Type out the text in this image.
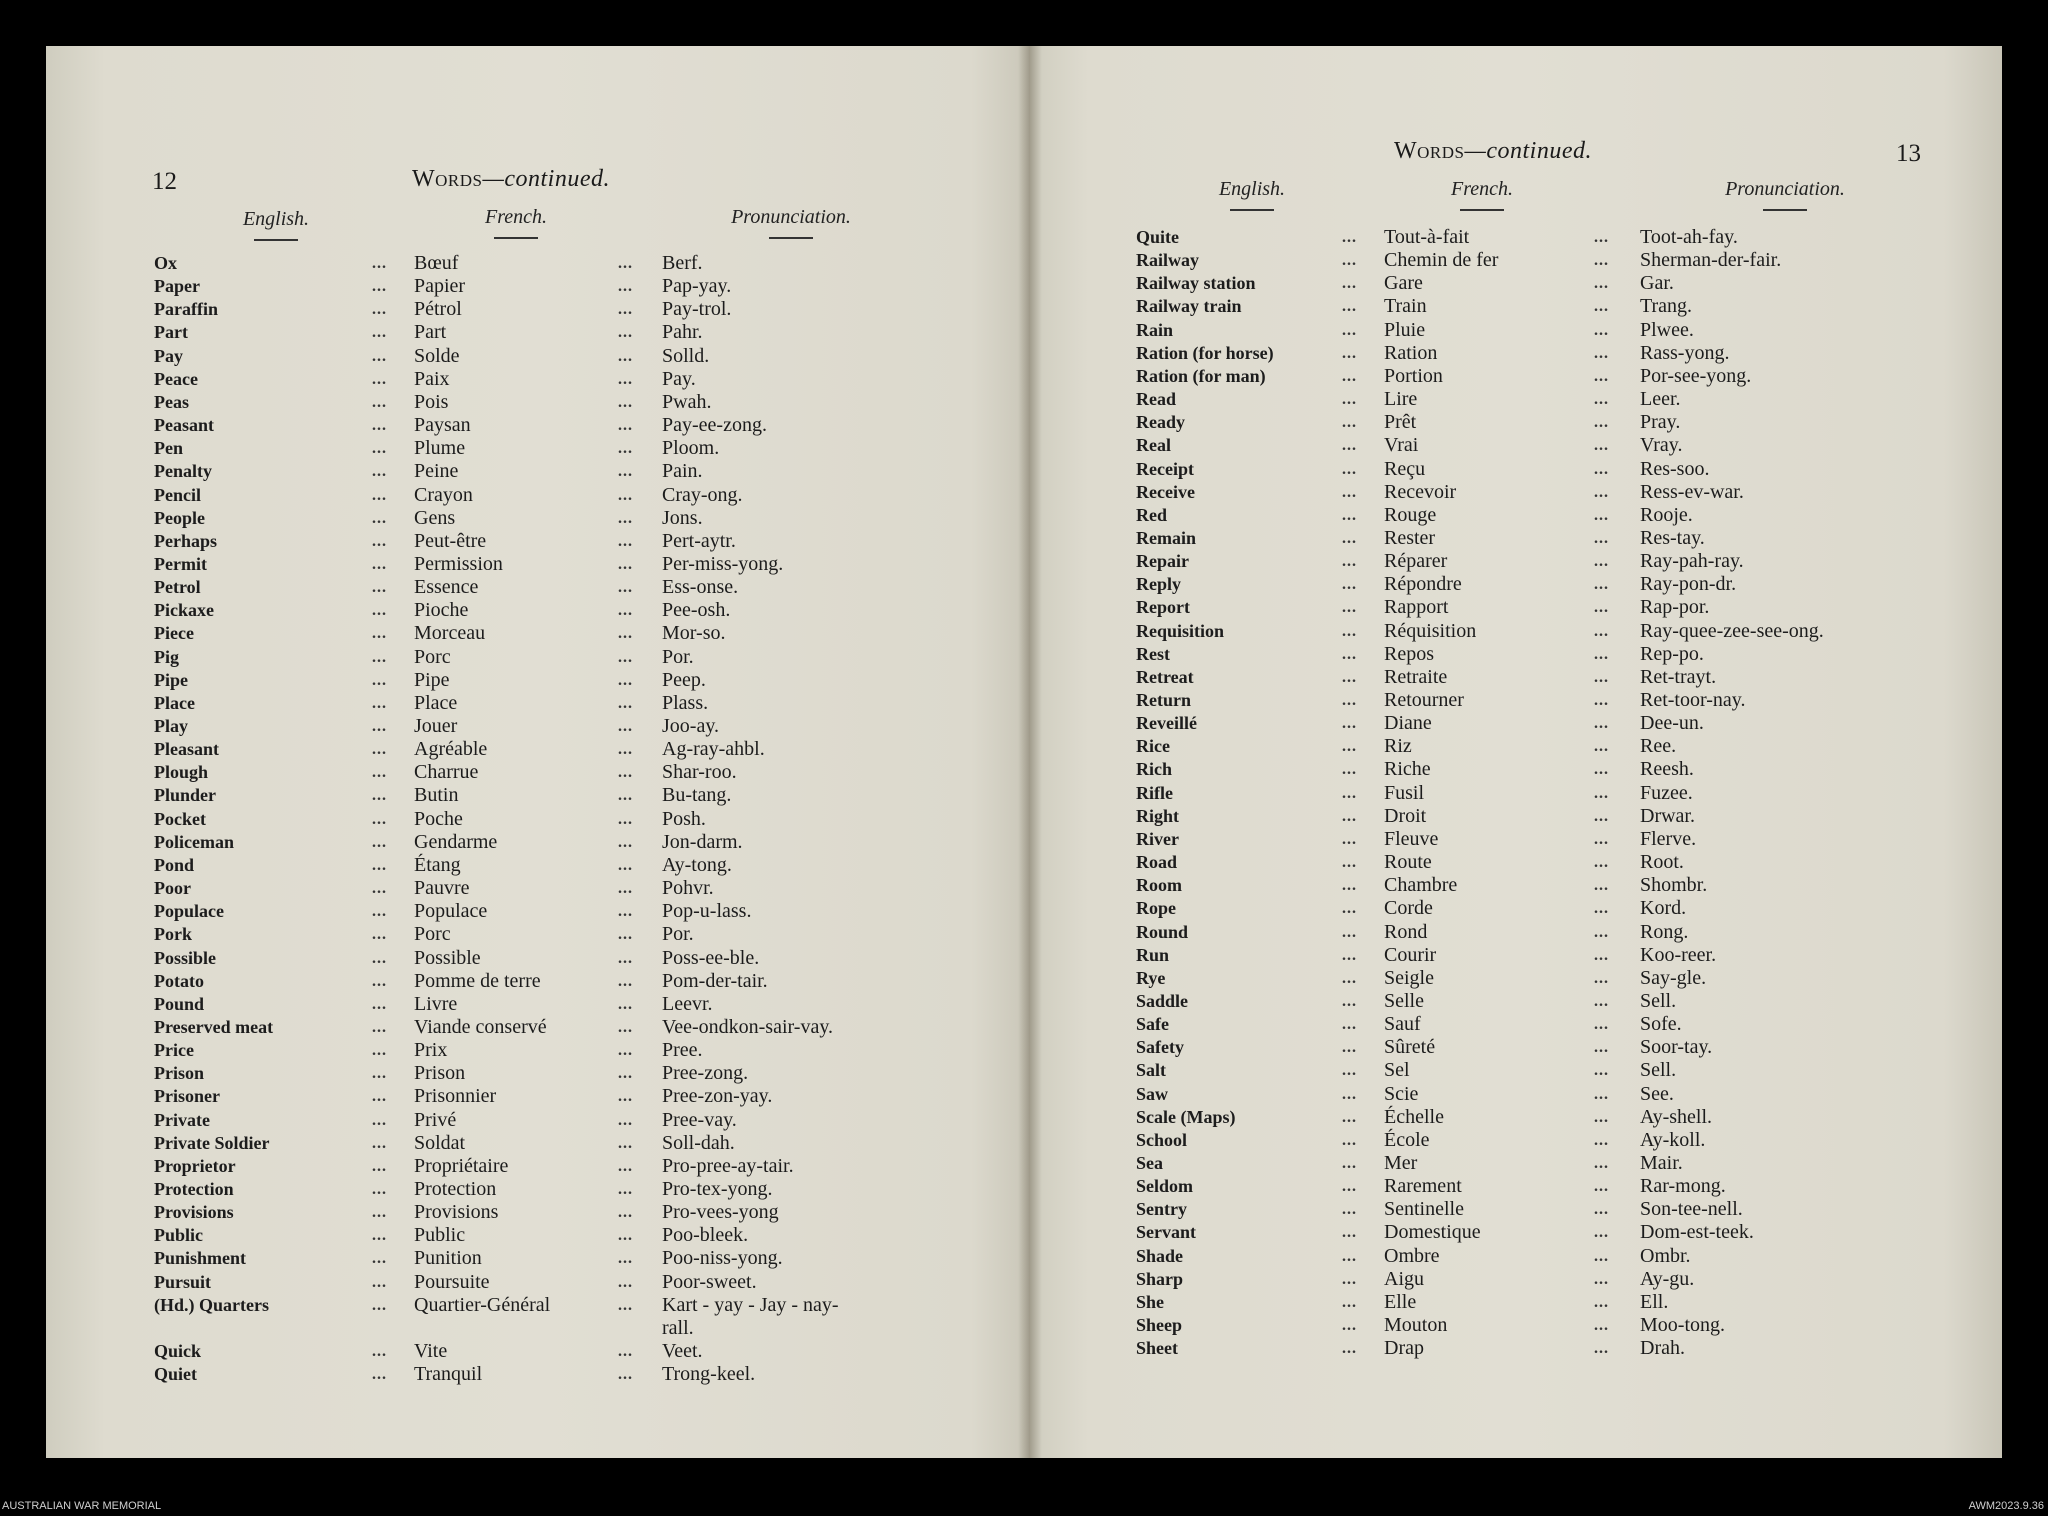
12	Words—continued.
English.	French.	Pronunciation.
Ox	... Bœuf	... Berf.
Paper	... Papier	... Pap-yay.
Paraffin	... Pétrol	... Pay-trol.
Part	... Part	... Pahr.
Pay	... Solde	... Solld.
Peace	... Paix	... Pay.
Peas	... Pois	... Pwah.
Peasant	... Paysan	... Pay-ee-zong.
Pen	... Plume	... Ploom.
Penalty	... Peine	... Pain.
Pencil	... Crayon	... Cray-ong.
People	... Gens	... Jons.
Perhaps	... Peut-être	... Pert-aytr.
Permit	... Permission	... Per-miss-yong.
Petrol	... Essence	... Ess-onse.
Pickaxe	... Pioche	... Pee-osh.
Piece	... Morceau	... Mor-so.
Pig	... Porc	... Por.
Pipe	... Pipe	... Peep.
Place	... Place	... Plass.
Play	... Jouer	... Joo-ay.
Pleasant	... Agréable	... Ag-ray-ahbl.
Plough	... Charrue	... Shar-roo.
Plunder	... Butin	... Bu-tang.
Pocket	... Poche	... Posh.
Policeman	... Gendarme	... Jon-darm.
Pond	... Étang	... Ay-tong.
Poor	... Pauvre	... Pohvr.
Populace	... Populace	... Pop-u-lass.
Pork	... Porc	... Por.
Possible	... Possible	... Poss-ee-ble.
Potato	... Pomme de terre	... Pom-der-tair.
Pound	... Livre	... Leevr.
Preserved meat	... Viande conservé	... Vee-ondkon-sair-vay.
Price	... Prix	... Pree.
Prison	... Prison	... Pree-zong.
Prisoner	... Prisonnier	... Pree-zon-yay.
Private	... Privé	... Pree-vay.
Private Soldier	... Soldat	... Soll-dah.
Proprietor	... Propriétaire	... Pro-pree-ay-tair.
Protection	... Protection	... Pro-tex-yong.
Provisions	... Provisions	... Pro-vees-yong
Public	... Public	... Poo-bleek.
Punishment	... Punition	... Poo-niss-yong.
Pursuit	... Poursuite	... Poor-sweet.
(Hd.) Quarters	... Quartier-Général	... Kart - yay - Jay - nay-
rall.
Quick	... Vite	... Veet.
Quiet	... Tranquil	... Trong-keel.
Words—continued.	13
English.	French.	Pronunciation.
Quite	... Tout-à-fait	... Toot-ah-fay.
Railway	... Chemin de fer	... Sherman-der-fair.
Railway station	... Gare	... Gar.
Railway train	... Train	... Trang.
Rain	... Pluie	... Plwee.
Ration (for horse)	... Ration	... Rass-yong.
Ration (for man)	... Portion	... Por-see-yong.
Read	... Lire	... Leer.
Ready	... Prêt	... Pray.
Real	... Vrai	... Vray.
Receipt	... Reçu	... Res-soo.
Receive	... Recevoir	... Ress-ev-war.
Red	... Rouge	... Rooje.
Remain	... Rester	... Res-tay.
Repair	... Réparer	... Ray-pah-ray.
Reply	... Répondre	... Ray-pon-dr.
Report	... Rapport	... Rap-por.
Requisition	... Réquisition	... Ray-quee-zee-see-ong.
Rest	... Repos	... Rep-po.
Retreat	... Retraite	... Ret-trayt.
Return	... Retourner	... Ret-toor-nay.
Reveillé	... Diane	... Dee-un.
Rice	... Riz	... Ree.
Rich	... Riche	... Reesh.
Rifle	... Fusil	... Fuzee.
Right	... Droit	... Drwar.
River	... Fleuve	... Flerve.
Road	... Route	... Root.
Room	... Chambre	... Shombr.
Rope	... Corde	... Kord.
Round	... Rond	... Rong.
Run	... Courir	... Koo-reer.
Rye	... Seigle	... Say-gle.
Saddle	... Selle	... Sell.
Safe	... Sauf	... Sofe.
Safety	... Sûreté	... Soor-tay.
Salt	... Sel	... Sell.
Saw	... Scie	... See.
Scale (Maps)	... Échelle	... Ay-shell.
School	... École	... Ay-koll.
Sea	... Mer	... Mair.
Seldom	... Rarement	... Rar-mong.
Sentry	... Sentinelle	... Son-tee-nell.
Servant	... Domestique	... Dom-est-teek.
Shade	... Ombre	... Ombr.
Sharp	... Aigu	... Ay-gu.
She	... Elle	... Ell.
Sheep	... Mouton	... Moo-tong.
Sheet	... Drap	... Drah.
AUSTRALIAN WAR MEMORIAL	AWM2023.9.36
